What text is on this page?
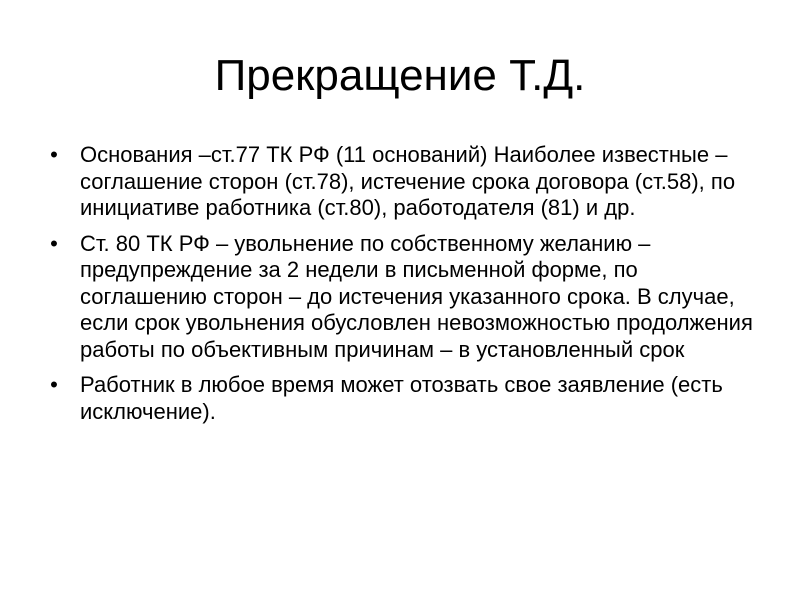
Прекращение Т.Д.
• Основания –ст.77 ТК РФ (11 оснований) Наиболее известные – соглашение сторон (ст.78), истечение срока договора (ст.58), по инициативе работника (ст.80), работодателя (81) и др.
• Ст. 80 ТК РФ – увольнение по собственному желанию – предупреждение за 2 недели в письменной форме, по соглашению сторон – до истечения указанного срока. В случае, если срок увольнения обусловлен невозможностью продолжения работы по объективным причинам – в установленный срок
• Работник в любое время может отозвать свое заявление (есть исключение).
